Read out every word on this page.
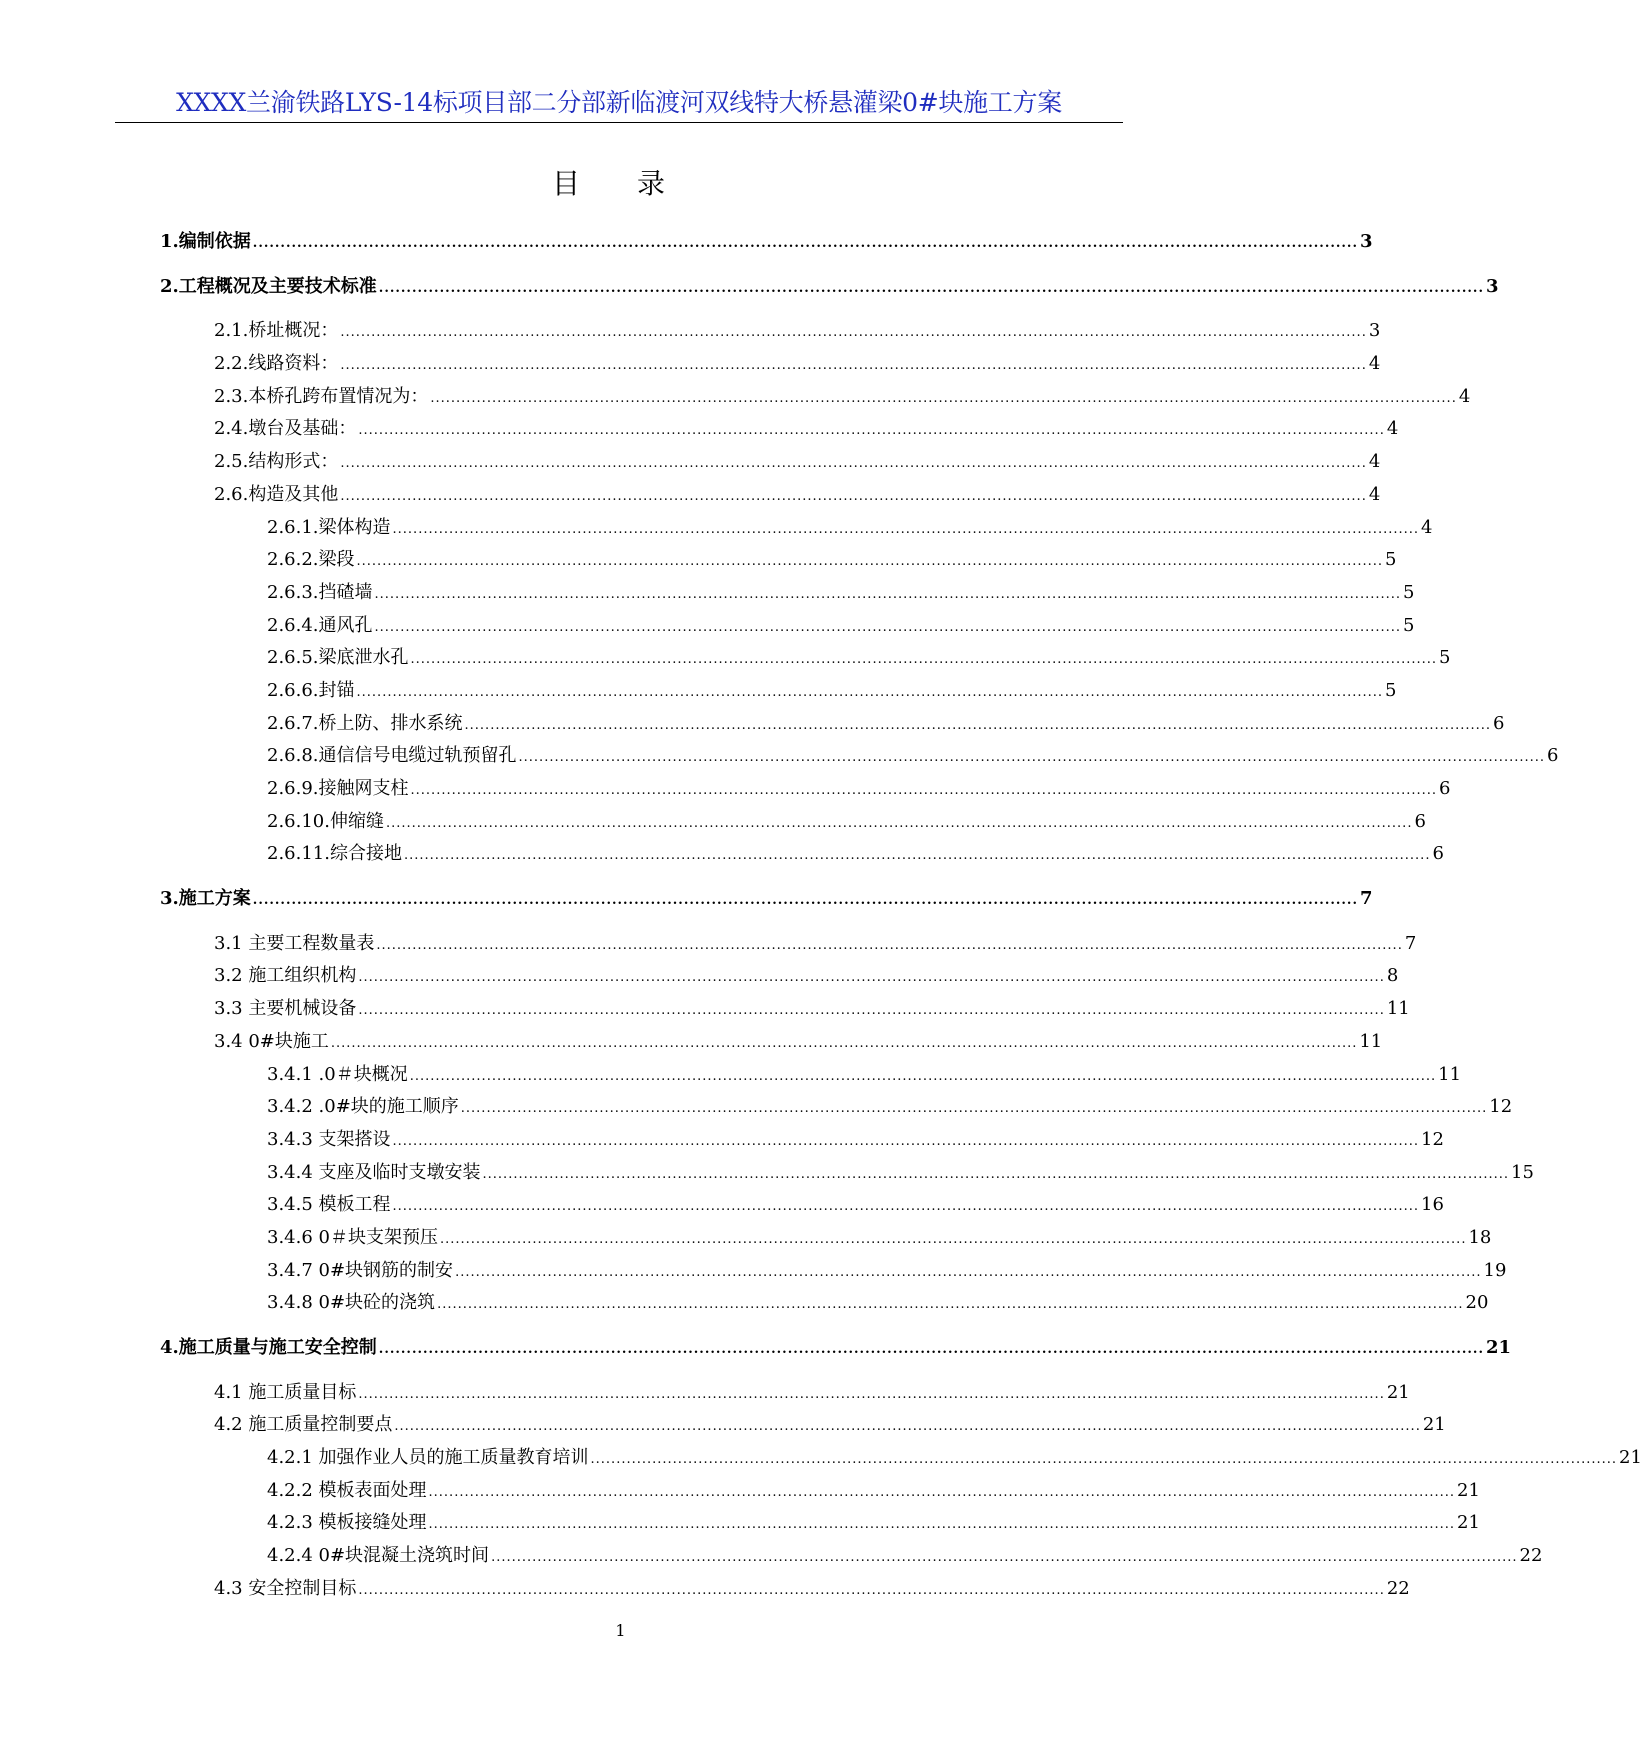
XXXX兰渝铁路LYS-14标项目部二分部新临渡河双线特大桥悬灌梁0#块施工方案
目 录
1.编制依据 ........................................................................................................................................................................................................ 3
2.工程概况及主要技术标准 ........................................................................................................................................................................................................ 3
2.1.桥址概况： ........................................................................................................................................................................................................ 3
2.2.线路资料： ........................................................................................................................................................................................................ 4
2.3.本桥孔跨布置情况为： ........................................................................................................................................................................................................ 4
2.4.墩台及基础： ........................................................................................................................................................................................................ 4
2.5.结构形式： ........................................................................................................................................................................................................ 4
2.6.构造及其他 ........................................................................................................................................................................................................ 4
2.6.1.梁体构造 ........................................................................................................................................................................................................ 4
2.6.2.梁段 ........................................................................................................................................................................................................ 5
2.6.3.挡碴墙 ........................................................................................................................................................................................................ 5
2.6.4.通风孔 ........................................................................................................................................................................................................ 5
2.6.5.梁底泄水孔 ........................................................................................................................................................................................................ 5
2.6.6.封锚 ........................................................................................................................................................................................................ 5
2.6.7.桥上防、排水系统 ........................................................................................................................................................................................................ 6
2.6.8.通信信号电缆过轨预留孔 ........................................................................................................................................................................................................ 6
2.6.9.接触网支柱 ........................................................................................................................................................................................................ 6
2.6.10.伸缩缝 ........................................................................................................................................................................................................ 6
2.6.11.综合接地 ........................................................................................................................................................................................................ 6
3.施工方案 ........................................................................................................................................................................................................ 7
3.1 主要工程数量表 ........................................................................................................................................................................................................ 7
3.2 施工组织机构 ........................................................................................................................................................................................................ 8
3.3 主要机械设备 ........................................................................................................................................................................................................ 11
3.4 0#块施工 ........................................................................................................................................................................................................ 11
3.4.1 .0＃块概况 ........................................................................................................................................................................................................ 11
3.4.2 .0#块的施工顺序 ........................................................................................................................................................................................................ 12
3.4.3 支架搭设 ........................................................................................................................................................................................................ 12
3.4.4 支座及临时支墩安装 ........................................................................................................................................................................................................ 15
3.4.5 模板工程 ........................................................................................................................................................................................................ 16
3.4.6 0＃块支架预压 ........................................................................................................................................................................................................ 18
3.4.7 0#块钢筋的制安 ........................................................................................................................................................................................................ 19
3.4.8 0#块砼的浇筑 ........................................................................................................................................................................................................ 20
4.施工质量与施工安全控制 ........................................................................................................................................................................................................ 21
4.1 施工质量目标 ........................................................................................................................................................................................................ 21
4.2 施工质量控制要点 ........................................................................................................................................................................................................ 21
4.2.1 加强作业人员的施工质量教育培训 ........................................................................................................................................................................................................ 21
4.2.2 模板表面处理 ........................................................................................................................................................................................................ 21
4.2.3 模板接缝处理 ........................................................................................................................................................................................................ 21
4.2.4 0#块混凝土浇筑时间 ........................................................................................................................................................................................................ 22
4.3 安全控制目标 ........................................................................................................................................................................................................ 22
1
